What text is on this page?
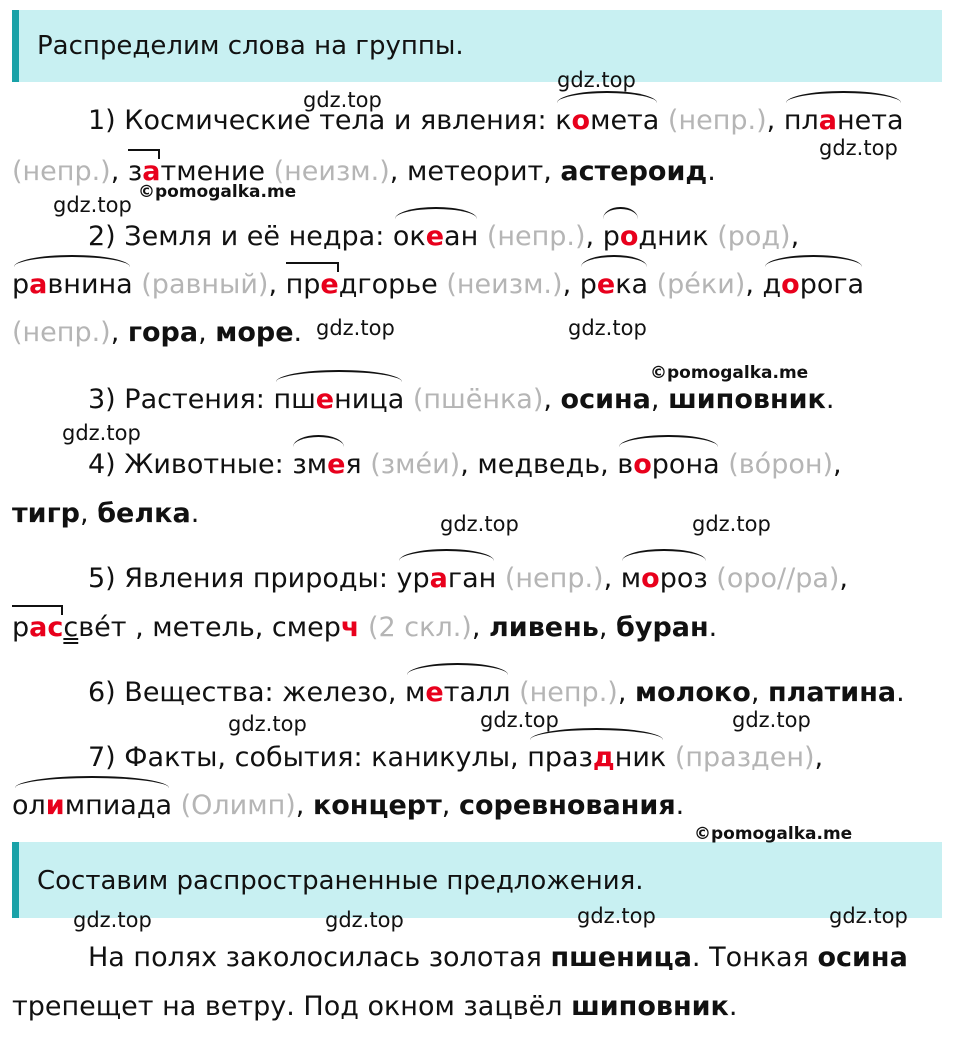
Распределим слова на группы.
1) Космические тела и явления: комета (непр.), планета
(непр.), затмение (неизм.), метеорит, астероид.
2) Земля и её недра: океан (непр.), родник (род),
равнина (равный), предгорье (неизм.), река (ре́ки), дорога
(непр.), гора, море.
3) Растения: пшеница (пшёнка), осина, шиповник.
4) Животные: змея (зме́и), медведь, ворона (во́рон),
тигр, белка.
5) Явления природы: ураган (непр.), мороз (оро//ра),
рассве́т , метель, смерч (2 скл.), ливень, буран.
6) Вещества: железо, металл (непр.), молоко, платина.
7) Факты, события: каникулы, праздник (празден),
олимпиада (Олимп), концерт, соревнования.
Составим распространенные предложения.
На полях заколосилась золотая пшеница. Тонкая осина
трепещет на ветру. Под окном зацвёл шиповник.
gdz.top
gdz.top
gdz.top
©pomogalka.me
gdz.top
gdz.top	gdz.top
©pomogalka.me
gdz.top
gdz.top	gdz.top
gdz.top	gdz.top	gdz.top
©pomogalka.me
gdz.top	gdz.top	gdz.top	gdz.top
